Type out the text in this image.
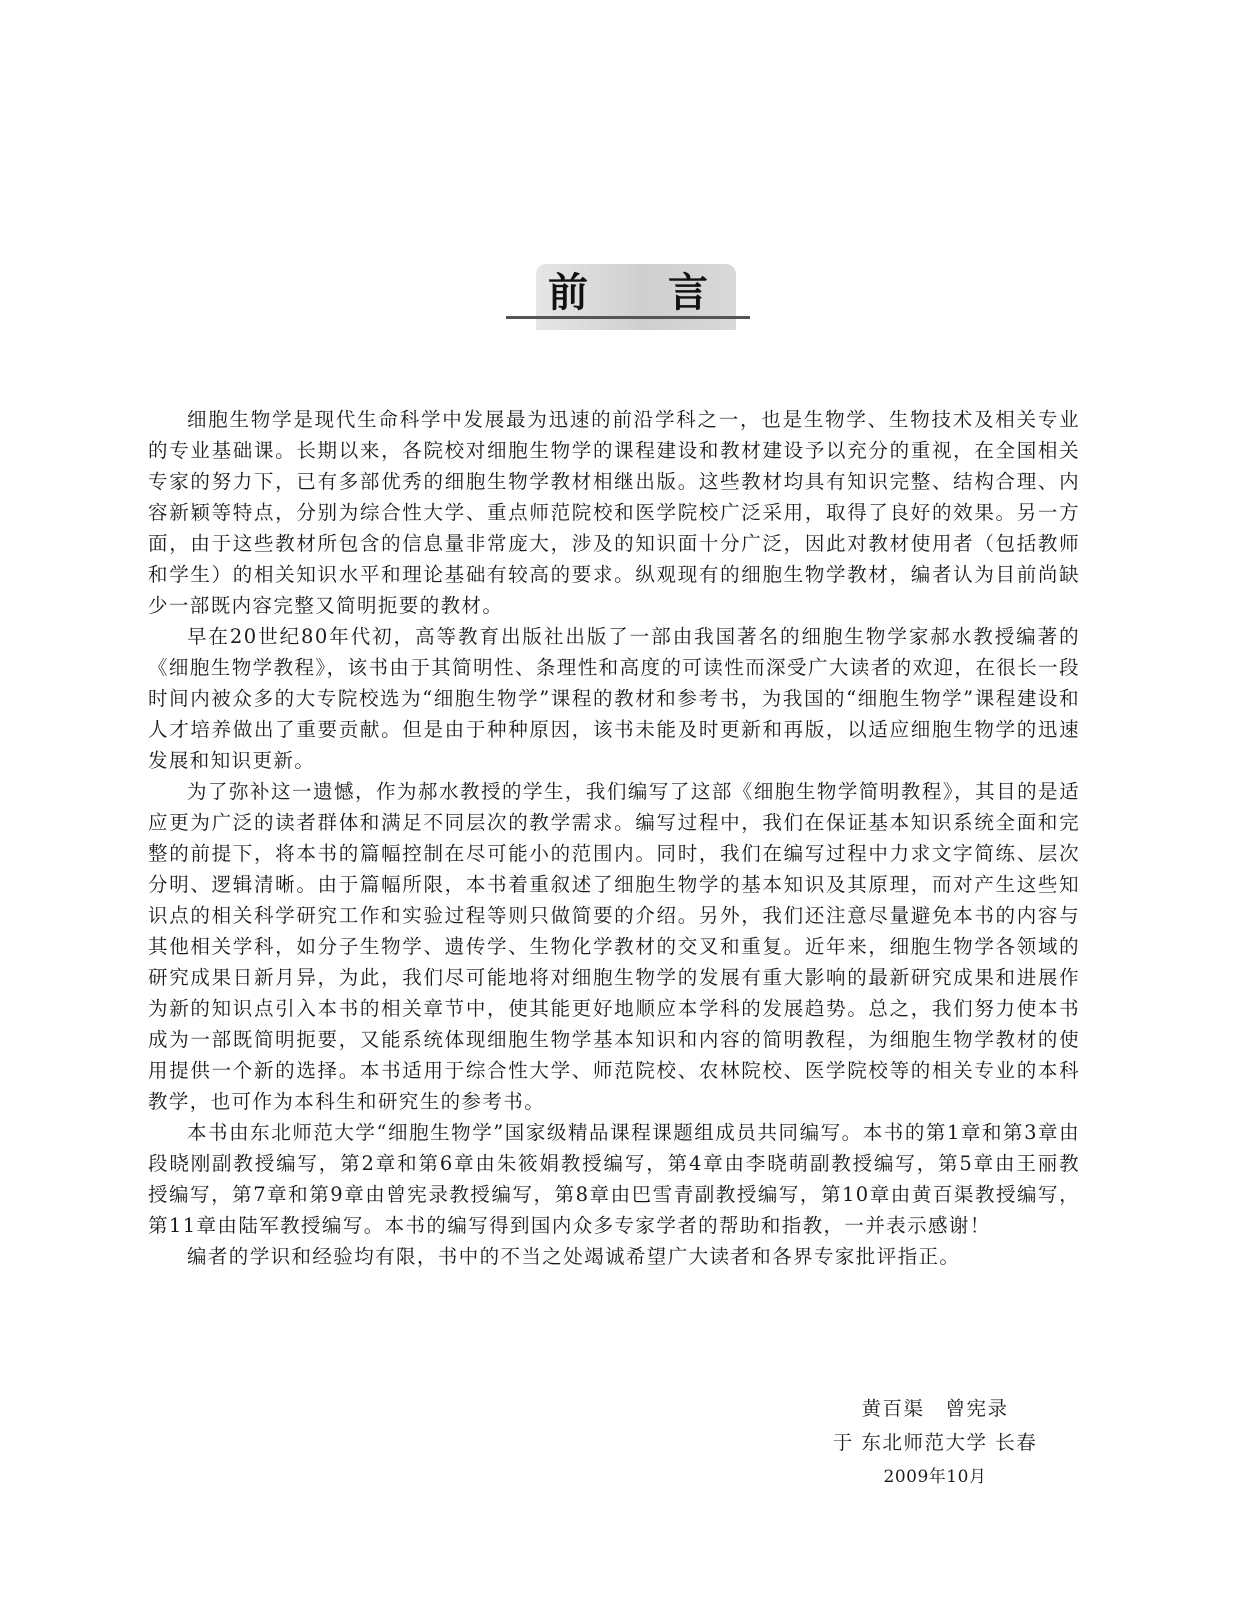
前　　言

细胞生物学是现代生命科学中发展最为迅速的前沿学科之一，也是生物学、生物技术及相关专业的专业基础课。长期以来，各院校对细胞生物学的课程建设和教材建设予以充分的重视，在全国相关专家的努力下，已有多部优秀的细胞生物学教材相继出版。这些教材均具有知识完整、结构合理、内容新颖等特点，分别为综合性大学、重点师范院校和医学院校广泛采用，取得了良好的效果。另一方面，由于这些教材所包含的信息量非常庞大，涉及的知识面十分广泛，因此对教材使用者（包括教师和学生）的相关知识水平和理论基础有较高的要求。纵观现有的细胞生物学教材，编者认为目前尚缺少一部既内容完整又简明扼要的教材。

早在20世纪80年代初，高等教育出版社出版了一部由我国著名的细胞生物学家郝水教授编著的《细胞生物学教程》，该书由于其简明性、条理性和高度的可读性而深受广大读者的欢迎，在很长一段时间内被众多的大专院校选为“细胞生物学”课程的教材和参考书，为我国的“细胞生物学”课程建设和人才培养做出了重要贡献。但是由于种种原因，该书未能及时更新和再版，以适应细胞生物学的迅速发展和知识更新。

为了弥补这一遗憾，作为郝水教授的学生，我们编写了这部《细胞生物学简明教程》，其目的是适应更为广泛的读者群体和满足不同层次的教学需求。编写过程中，我们在保证基本知识系统全面和完整的前提下，将本书的篇幅控制在尽可能小的范围内。同时，我们在编写过程中力求文字简练、层次分明、逻辑清晰。由于篇幅所限，本书着重叙述了细胞生物学的基本知识及其原理，而对产生这些知识点的相关科学研究工作和实验过程等则只做简要的介绍。另外，我们还注意尽量避免本书的内容与其他相关学科，如分子生物学、遗传学、生物化学教材的交叉和重复。近年来，细胞生物学各领域的研究成果日新月异，为此，我们尽可能地将对细胞生物学的发展有重大影响的最新研究成果和进展作为新的知识点引入本书的相关章节中，使其能更好地顺应本学科的发展趋势。总之，我们努力使本书成为一部既简明扼要，又能系统体现细胞生物学基本知识和内容的简明教程，为细胞生物学教材的使用提供一个新的选择。本书适用于综合性大学、师范院校、农林院校、医学院校等的相关专业的本科教学，也可作为本科生和研究生的参考书。

本书由东北师范大学“细胞生物学”国家级精品课程课题组成员共同编写。本书的第1章和第3章由段晓刚副教授编写，第2章和第6章由朱筱娟教授编写，第4章由李晓萌副教授编写，第5章由王丽教授编写，第7章和第9章由曾宪录教授编写，第8章由巴雪青副教授编写，第10章由黄百渠教授编写，第11章由陆军教授编写。本书的编写得到国内众多专家学者的帮助和指教，一并表示感谢！

编者的学识和经验均有限，书中的不当之处竭诚希望广大读者和各界专家批评指正。

黄百渠　曾宪录
于 东北师范大学 长春
2009年10月
